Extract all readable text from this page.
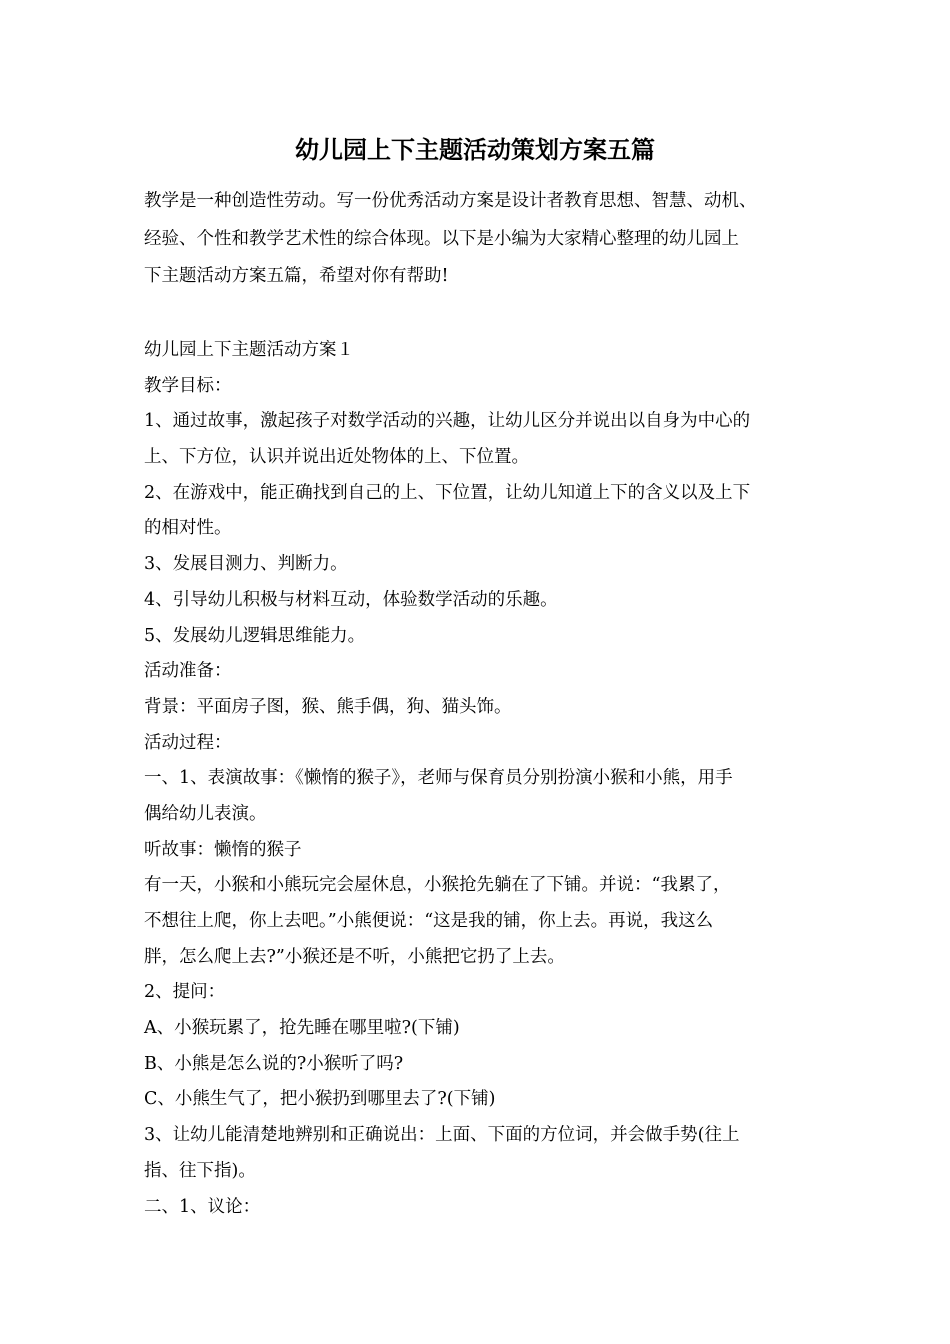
幼儿园上下主题活动策划方案五篇
教学是一种创造性劳动。写一份优秀活动方案是设计者教育思想、智慧、动机、
经验、个性和教学艺术性的综合体现。以下是小编为大家精心整理的幼儿园上
下主题活动方案五篇，希望对你有帮助!
幼儿园上下主题活动方案１
教学目标：
1、通过故事，激起孩子对数学活动的兴趣，让幼儿区分并说出以自身为中心的
上、下方位，认识并说出近处物体的上、下位置。
2、在游戏中，能正确找到自己的上、下位置，让幼儿知道上下的含义以及上下
的相对性。
3、发展目测力、判断力。
4、引导幼儿积极与材料互动，体验数学活动的乐趣。
5、发展幼儿逻辑思维能力。
活动准备：
背景：平面房子图，猴、熊手偶，狗、猫头饰。
活动过程：
一、1、表演故事：《懒惰的猴子》，老师与保育员分别扮演小猴和小熊，用手
偶给幼儿表演。
听故事：懒惰的猴子
有一天，小猴和小熊玩完会屋休息，小猴抢先躺在了下铺。并说：“我累了，
不想往上爬，你上去吧。”小熊便说：“这是我的铺，你上去。再说，我这么
胖，怎么爬上去?”小猴还是不听，小熊把它扔了上去。
2、提问：
A、小猴玩累了，抢先睡在哪里啦?(下铺)
B、小熊是怎么说的?小猴听了吗?
C、小熊生气了，把小猴扔到哪里去了?(下铺)
3、让幼儿能清楚地辨别和正确说出：上面、下面的方位词，并会做手势(往上
指、往下指)。
二、1、议论：
